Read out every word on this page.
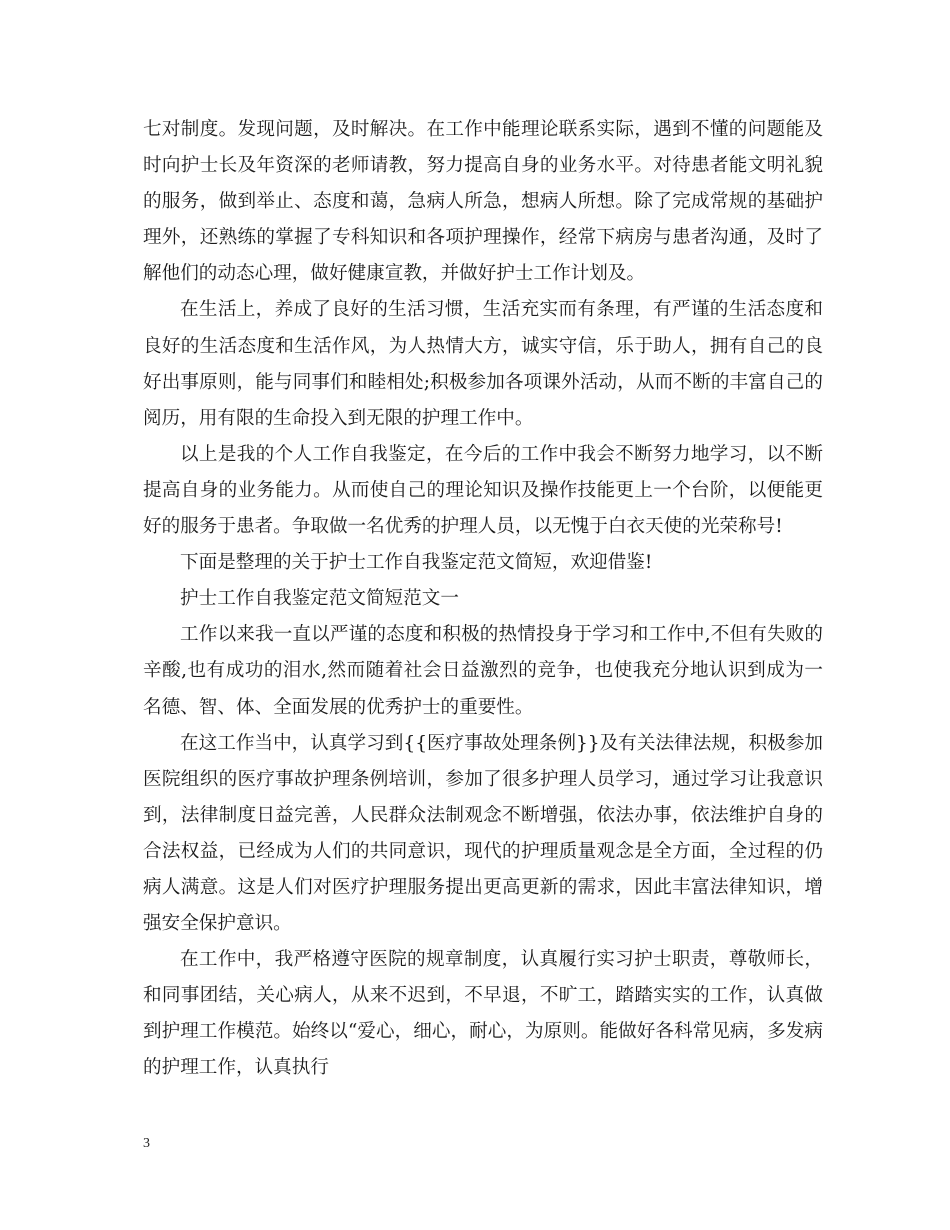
七对制度。发现问题，及时解决。在工作中能理论联系实际，遇到不懂的问题能及时向护士长及年资深的老师请教，努力提高自身的业务水平。对待患者能文明礼貌的服务，做到举止、态度和蔼，急病人所急，想病人所想。除了完成常规的基础护理外，还熟练的掌握了专科知识和各项护理操作，经常下病房与患者沟通，及时了解他们的动态心理，做好健康宣教，并做好护士工作计划及。

在生活上，养成了良好的生活习惯，生活充实而有条理，有严谨的生活态度和良好的生活态度和生活作风，为人热情大方，诚实守信，乐于助人，拥有自己的良好出事原则，能与同事们和睦相处;积极参加各项课外活动，从而不断的丰富自己的阅历，用有限的生命投入到无限的护理工作中。

以上是我的个人工作自我鉴定，在今后的工作中我会不断努力地学习，以不断提高自身的业务能力。从而使自己的理论知识及操作技能更上一个台阶，以便能更好的服务于患者。争取做一名优秀的护理人员，以无愧于白衣天使的光荣称号!

下面是整理的关于护士工作自我鉴定范文简短，欢迎借鉴!

护士工作自我鉴定范文简短范文一

工作以来我一直以严谨的态度和积极的热情投身于学习和工作中,不但有失败的辛酸,也有成功的泪水,然而随着社会日益激烈的竞争，也使我充分地认识到成为一名德、智、体、全面发展的优秀护士的重要性。

在这工作当中，认真学习到{{医疗事故处理条例}}及有关法律法规，积极参加医院组织的医疗事故护理条例培训，参加了很多护理人员学习，通过学习让我意识到，法律制度日益完善，人民群众法制观念不断增强，依法办事，依法维护自身的合法权益，已经成为人们的共同意识，现代的护理质量观念是全方面，全过程的仍病人满意。这是人们对医疗护理服务提出更高更新的需求，因此丰富法律知识，增强安全保护意识。

在工作中，我严格遵守医院的规章制度，认真履行实习护士职责，尊敬师长，和同事团结，关心病人，从来不迟到，不早退，不旷工，踏踏实实的工作，认真做到护理工作模范。始终以“爱心，细心，耐心，为原则。能做好各科常见病，多发病的护理工作，认真执行

3
